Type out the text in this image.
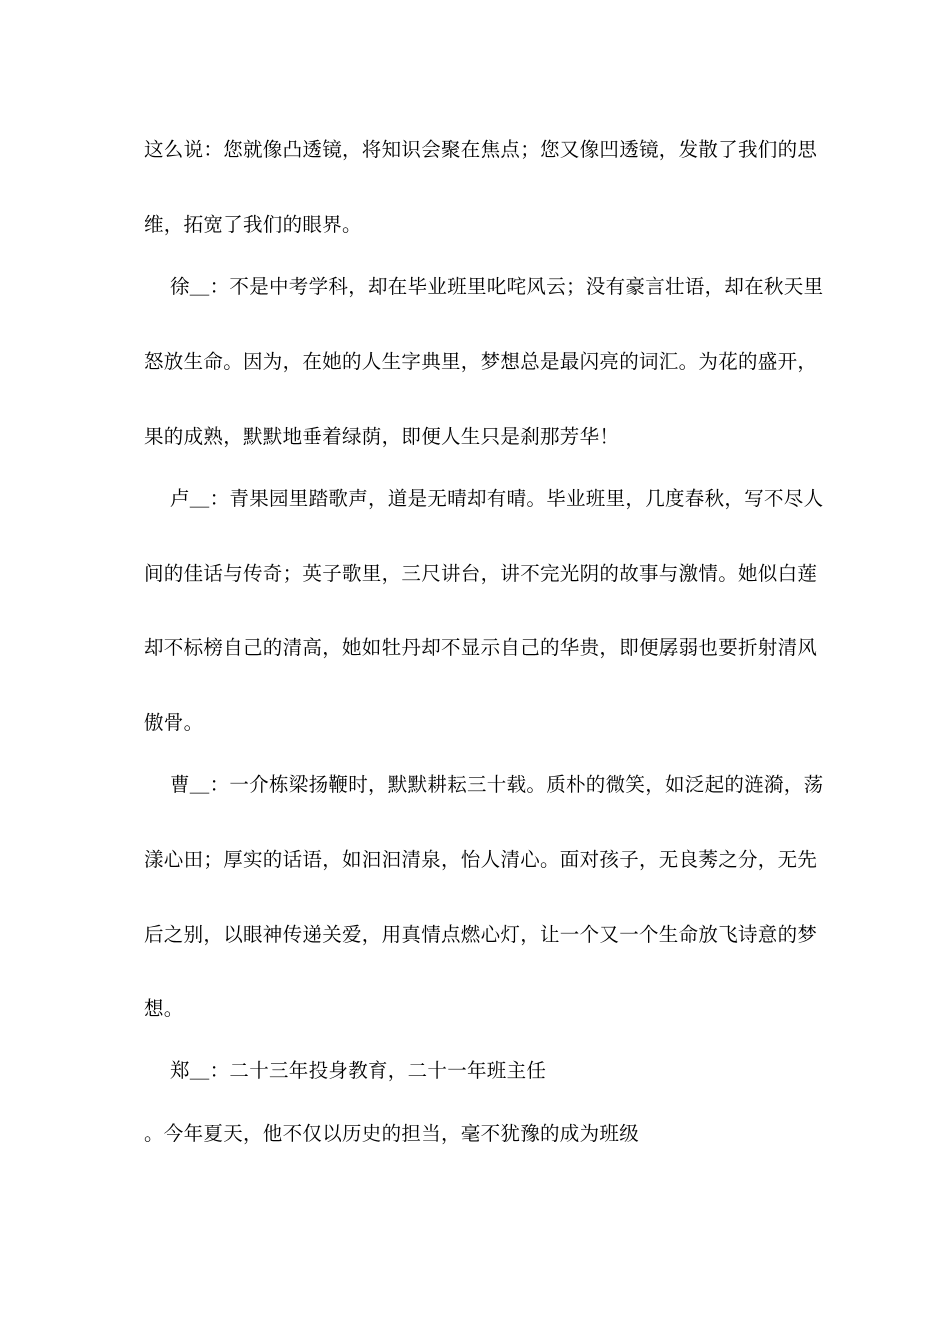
这么说：您就像凸透镜，将知识会聚在焦点；您又像凹透镜，发散了我们的思
维，拓宽了我们的眼界。
徐＿：不是中考学科，却在毕业班里叱咤风云；没有豪言壮语，却在秋天里
怒放生命。因为，在她的人生字典里，梦想总是最闪亮的词汇。为花的盛开，
果的成熟，默默地垂着绿荫，即便人生只是刹那芳华！
卢＿：青果园里踏歌声，道是无晴却有晴。毕业班里，几度春秋，写不尽人
间的佳话与传奇；英子歌里，三尺讲台，讲不完光阴的故事与激情。她似白莲
却不标榜自己的清高，她如牡丹却不显示自己的华贵，即便孱弱也要折射清风
傲骨。
曹＿：一介栋梁扬鞭时，默默耕耘三十载。质朴的微笑，如泛起的涟漪，荡
漾心田；厚实的话语，如汩汩清泉，怡人清心。面对孩子，无良莠之分，无先
后之别，以眼神传递关爱，用真情点燃心灯，让一个又一个生命放飞诗意的梦
想。
郑＿：二十三年投身教育，二十一年班主任
。今年夏天，他不仅以历史的担当，毫不犹豫的成为班级
